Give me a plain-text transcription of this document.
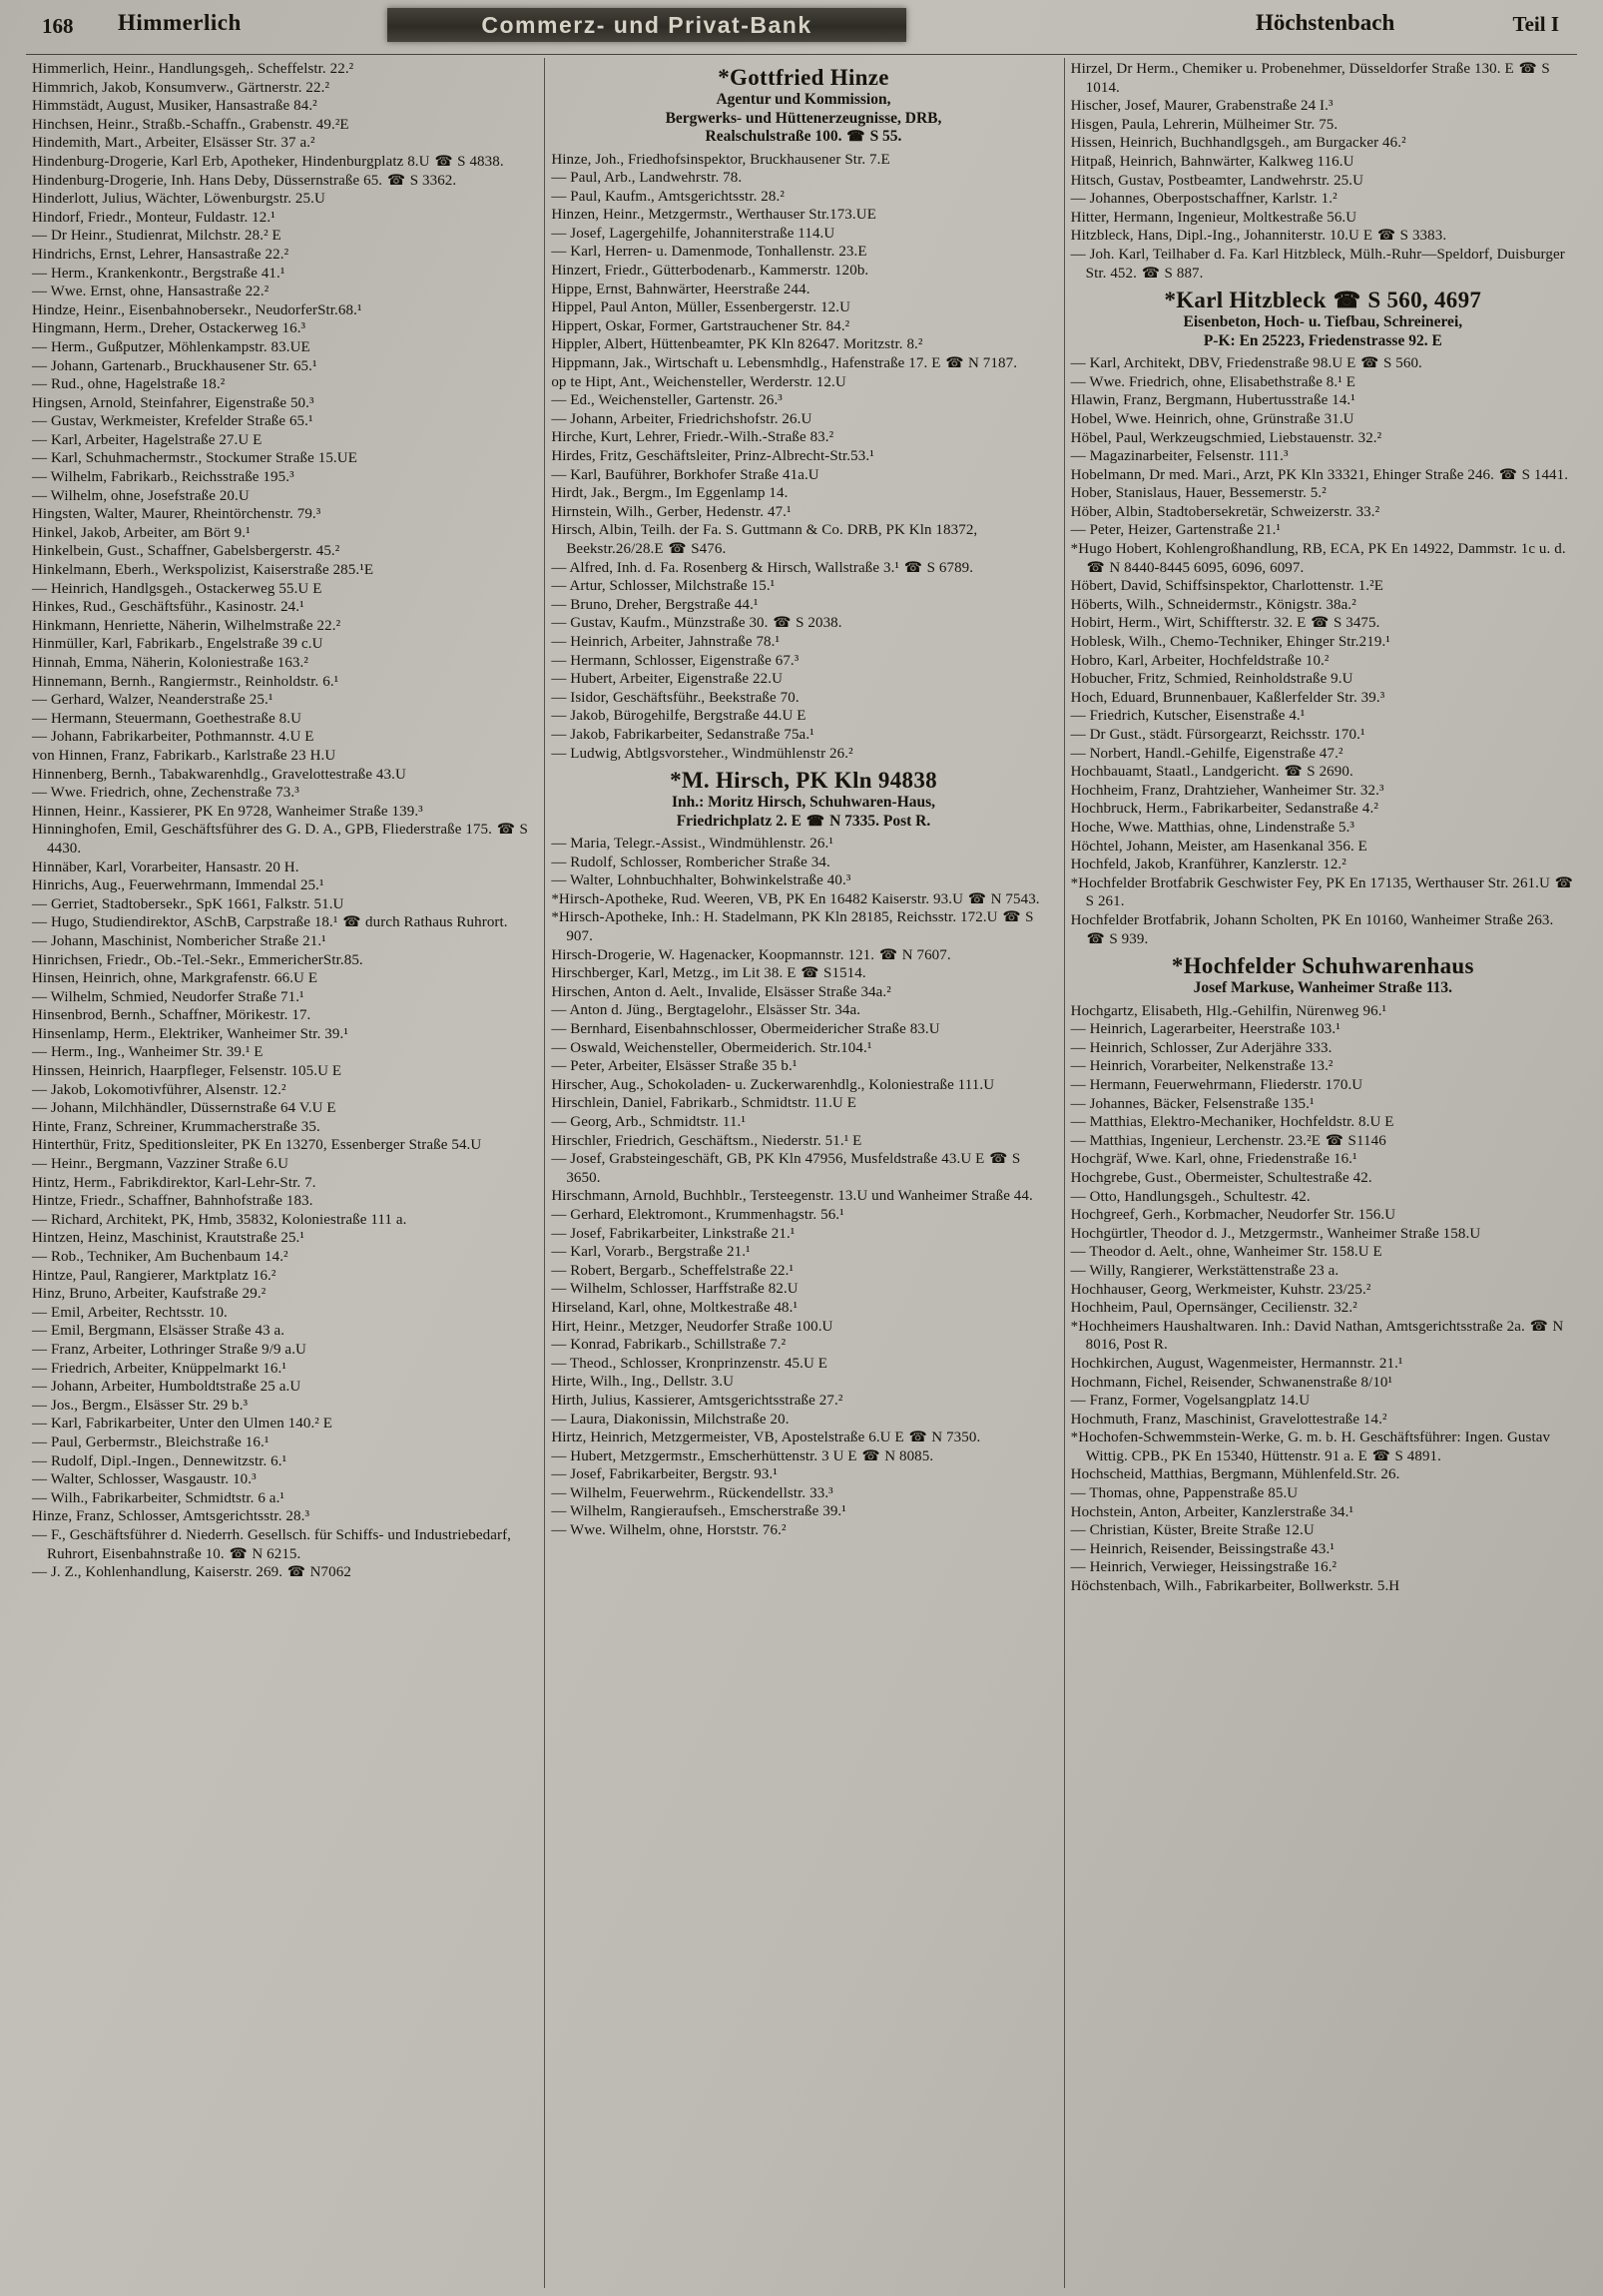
168 Himmerlich	Commerz- und Privat-Bank	Höchstenbach	Teil I
Himmerlich, Heinr., Handlungsgeh,. Scheffelstr. 22.²
Himmrich, Jakob, Konsumverw., Gärtnerstr. 22.²
Himmstädt, August, Musiker, Hansastraße 84.²
Hinchsen, Heinr., Straßb.-Schaffn., Grabenstr. 49.²E
Hindemith, Mart., Arbeiter, Elsässer Str. 37 a.²
Hindenburg-Drogerie, Karl Erb, Apotheker, Hindenburgplatz 8.U ☎ S 4838.
Hindenburg-Drogerie, Inh. Hans Deby, Düssernstraße 65. ☎ S 3362.
Hinderlott, Julius, Wächter, Löwenburgstr. 25.U
Hindorf, Friedr., Monteur, Fuldastr. 12.¹
— Dr Heinr., Studienrat, Milchstr. 28.² E
Hindrichs, Ernst, Lehrer, Hansastraße 22.²
— Herm., Krankenkontr., Bergstraße 41.¹
— Wwe. Ernst, ohne, Hansastraße 22.²
Hindze, Heinr., Eisenbahnobersekr., NeudorferStr.68.¹
Hingmann, Herm., Dreher, Ostackerweg 16.³
— Herm., Gußputzer, Möhlenkampstr. 83.UE
— Johann, Gartenarb., Bruckhausener Str. 65.¹
— Rud., ohne, Hagelstraße 18.²
Hingsen, Arnold, Steinfahrer, Eigenstraße 50.³
— Gustav, Werkmeister, Krefelder Straße 65.¹
— Karl, Arbeiter, Hagelstraße 27.U E
— Karl, Schuhmachermstr., Stockumer Straße 15.UE
— Wilhelm, Fabrikarb., Reichsstraße 195.³
— Wilhelm, ohne, Josefstraße 20.U
Hingsten, Walter, Maurer, Rheintörchenstr. 79.³
Hinkel, Jakob, Arbeiter, am Bört 9.¹
Hinkelbein, Gust., Schaffner, Gabelsbergerstr. 45.²
Hinkelmann, Eberh., Werkspolizist, Kaiserstraße 285.¹E
— Heinrich, Handlgsgeh., Ostackerweg 55.U E
Hinkes, Rud., Geschäftsführ., Kasinostr. 24.¹
Hinkmann, Henriette, Näherin, Wilhelmstraße 22.²
Hinmüller, Karl, Fabrikarb., Engelstraße 39 c.U
Hinnah, Emma, Näherin, Koloniestraße 163.²
Hinnemann, Bernh., Rangiermstr., Reinholdstr. 6.¹
— Gerhard, Walzer, Neanderstraße 25.¹
— Hermann, Steuermann, Goethestraße 8.U
— Johann, Fabrikarbeiter, Pothmannstr. 4.U E
von Hinnen, Franz, Fabrikarb., Karlstraße 23 H.U
Hinnenberg, Bernh., Tabakwarenhdlg., Gravelottestraße 43.U
— Wwe. Friedrich, ohne, Zechenstraße 73.³
Hinnen, Heinr., Kassierer, PK En 9728, Wanheimer Straße 139.³
Hinninghofen, Emil, Geschäftsführer des G. D. A., GPB, Fliederstraße 175. ☎ S 4430.
Hinnäber, Karl, Vorarbeiter, Hansastr. 20 H.
Hinrichs, Aug., Feuerwehrmann, Immendal 25.¹
— Gerriet, Stadtobersekr., SpK 1661, Falkstr. 51.U
— Hugo, Studiendirektor, ASchB, Carpstraße 18.¹ ☎ durch Rathaus Ruhrort.
— Johann, Maschinist, Nombericher Straße 21.¹
Hinrichsen, Friedr., Ob.-Tel.-Sekr., EmmericherStr.85.
Hinsen, Heinrich, ohne, Markgrafenstr. 66.U E
— Wilhelm, Schmied, Neudorfer Straße 71.¹
Hinsenbrod, Bernh., Schaffner, Mörikestr. 17.
Hinsenlamp, Herm., Elektriker, Wanheimer Str. 39.¹
— Herm., Ing., Wanheimer Str. 39.¹ E
Hinssen, Heinrich, Haarpfleger, Felsenstr. 105.U E
— Jakob, Lokomotivführer, Alsenstr. 12.²
— Johann, Milchhändler, Düssernstraße 64 V.U E
Hinte, Franz, Schreiner, Krummacherstraße 35.
Hinterthür, Fritz, Speditionsleiter, PK En 13270, Essenberger Straße 54.U
— Heinr., Bergmann, Vazziner Straße 6.U
Hintz, Herm., Fabrikdirektor, Karl-Lehr-Str. 7.
Hintze, Friedr., Schaffner, Bahnhofstraße 183.
— Richard, Architekt, PK, Hmb, 35832, Koloniestraße 111 a.
Hintzen, Heinz, Maschinist, Krautstraße 25.¹
— Rob., Techniker, Am Buchenbaum 14.²
Hintze, Paul, Rangierer, Marktplatz 16.²
Hinz, Bruno, Arbeiter, Kaufstraße 29.²
— Emil, Arbeiter, Rechtsstr. 10.
— Emil, Bergmann, Elsässer Straße 43 a.
— Franz, Arbeiter, Lothringer Straße 9/9 a.U
— Friedrich, Arbeiter, Knüppelmarkt 16.¹
— Johann, Arbeiter, Humboldtstraße 25 a.U
— Jos., Bergm., Elsässer Str. 29 b.³
— Karl, Fabrikarbeiter, Unter den Ulmen 140.² E
— Paul, Gerbermstr., Bleichstraße 16.¹
— Rudolf, Dipl.-Ingen., Dennewitzstr. 6.¹
— Walter, Schlosser, Wasgaustr. 10.³
— Wilh., Fabrikarbeiter, Schmidtstr. 6 a.¹
Hinze, Franz, Schlosser, Amtsgerichtsstr. 28.³
— F., Geschäftsführer d. Niederrh. Gesellsch. für Schiffs- und Industriebedarf, Ruhrort, Eisenbahnstraße 10. ☎ N 6215.
— J. Z., Kohlenhandlung, Kaiserstr. 269. ☎ N7062
*Gottfried Hinze
Agentur und Kommission,
Bergwerks- und Hüttenerzeugnisse, DRB,
Realschulstraße 100. ☎ S 55.
Hinze, Joh., Friedhofsinspektor, Bruckhausener Str. 7.E
— Paul, Arb., Landwehrstr. 78.
— Paul, Kaufm., Amtsgerichtsstr. 28.²
Hinzen, Heinr., Metzgermstr., Werthauser Str.173.UE
— Josef, Lagergehilfe, Johanniterstraße 114.U
— Karl, Herren- u. Damenmode, Tonhallenstr. 23.E
Hinzert, Friedr., Gütterbodenarb., Kammerstr. 120b.
Hippe, Ernst, Bahnwärter, Heerstraße 244.
Hippel, Paul Anton, Müller, Essenbergerstr. 12.U
Hippert, Oskar, Former, Gartstrauchener Str. 84.²
Hippler, Albert, Hüttenbeamter, PK Kln 82647. Moritzstr. 8.²
Hippmann, Jak., Wirtschaft u. Lebensmhdlg., Hafenstraße 17. E ☎ N 7187.
op te Hipt, Ant., Weichensteller, Werderstr. 12.U
— Ed., Weichensteller, Gartenstr. 26.³
— Johann, Arbeiter, Friedrichshofstr. 26.U
Hirche, Kurt, Lehrer, Friedr.-Wilh.-Straße 83.²
Hirdes, Fritz, Geschäftsleiter, Prinz-Albrecht-Str.53.¹
— Karl, Bauführer, Borkhofer Straße 41a.U
Hirdt, Jak., Bergm., Im Eggenlamp 14.
Hirnstein, Wilh., Gerber, Hedenstr. 47.¹
Hirsch, Albin, Teilh. der Fa. S. Guttmann & Co. DRB, PK Kln 18372, Beekstr.26/28.E ☎ S476.
— Alfred, Inh. d. Fa. Rosenberg & Hirsch, Wallstraße 3.¹ ☎ S 6789.
— Artur, Schlosser, Milchstraße 15.¹
— Bruno, Dreher, Bergstraße 44.¹
— Gustav, Kaufm., Münzstraße 30. ☎ S 2038.
— Heinrich, Arbeiter, Jahnstraße 78.¹
— Hermann, Schlosser, Eigenstraße 67.³
— Hubert, Arbeiter, Eigenstraße 22.U
— Isidor, Geschäftsführ., Beekstraße 70.
— Jakob, Bürogehilfe, Bergstraße 44.U E
— Jakob, Fabrikarbeiter, Sedanstraße 75a.¹
— Ludwig, Abtlgsvorsteher., Windmühlenstr 26.²
*M. Hirsch, PK Kln 94838
Inh.: Moritz Hirsch, Schuhwaren-Haus,
Friedrichplatz 2. E ☎ N 7335. Post R.
— Maria, Telegr.-Assist., Windmühlenstr. 26.¹
— Rudolf, Schlosser, Rombericher Straße 34.
— Walter, Lohnbuchhalter, Bohwinkelstraße 40.³
*Hirsch-Apotheke, Rud. Weeren, VB, PK En 16482 Kaiserstr. 93.U ☎ N 7543.
*Hirsch-Apotheke, Inh.: H. Stadelmann, PK Kln 28185, Reichsstr. 172.U ☎ S 907.
Hirsch-Drogerie, W. Hagenacker, Koopmannstr. 121. ☎ N 7607.
Hirschberger, Karl, Metzg., im Lit 38. E ☎ S1514.
Hirschen, Anton d. Aelt., Invalide, Elsässer Straße 34a.²
— Anton d. Jüng., Bergtagelohr., Elsässer Str. 34a.
— Bernhard, Eisenbahnschlosser, Obermeidericher Straße 83.U
— Oswald, Weichensteller, Obermeiderich. Str.104.¹
— Peter, Arbeiter, Elsässer Straße 35 b.¹
Hirscher, Aug., Schokoladen- u. Zuckerwarenhdlg., Koloniestraße 111.U
Hirschlein, Daniel, Fabrikarb., Schmidtstr. 11.U E
— Georg, Arb., Schmidtstr. 11.¹
Hirschler, Friedrich, Geschäftsm., Niederstr. 51.¹ E
— Josef, Grabsteingeschäft, GB, PK Kln 47956, Musfeldstraße 43.U E ☎ S 3650.
Hirschmann, Arnold, Buchhblr., Tersteegenstr. 13.U und Wanheimer Straße 44.
— Gerhard, Elektromont., Krummenhagstr. 56.¹
— Josef, Fabrikarbeiter, Linkstraße 21.¹
— Karl, Vorarb., Bergstraße 21.¹
— Robert, Bergarb., Scheffelstraße 22.¹
— Wilhelm, Schlosser, Harffstraße 82.U
Hirseland, Karl, ohne, Moltkestraße 48.¹
Hirt, Heinr., Metzger, Neudorfer Straße 100.U
— Konrad, Fabrikarb., Schillstraße 7.²
— Theod., Schlosser, Kronprinzenstr. 45.U E
Hirte, Wilh., Ing., Dellstr. 3.U
Hirth, Julius, Kassierer, Amtsgerichtsstraße 27.²
— Laura, Diakonissin, Milchstraße 20.
Hirtz, Heinrich, Metzgermeister, VB, Apostelstraße 6.U E ☎ N 7350.
— Hubert, Metzgermstr., Emscherhüttenstr. 3 U E ☎ N 8085.
— Josef, Fabrikarbeiter, Bergstr. 93.¹
— Wilhelm, Feuerwehrm., Rückendellstr. 33.³
— Wilhelm, Rangieraufseh., Emscherstraße 39.¹
— Wwe. Wilhelm, ohne, Horststr. 76.²
Hirzel, Dr Herm., Chemiker u. Probenehmer, Düsseldorfer Straße 130. E ☎ S 1014.
Hischer, Josef, Maurer, Grabenstraße 24 I.³
Hisgen, Paula, Lehrerin, Mülheimer Str. 75.
Hissen, Heinrich, Buchhandlgsgeh., am Burgacker 46.²
Hitpaß, Heinrich, Bahnwärter, Kalkweg 116.U
Hitsch, Gustav, Postbeamter, Landwehrstr. 25.U
— Johannes, Oberpostschaffner, Karlstr. 1.²
Hitter, Hermann, Ingenieur, Moltkestraße 56.U
Hitzbleck, Hans, Dipl.-Ing., Johanniterstr. 10.U E ☎ S 3383.
— Joh. Karl, Teilhaber d. Fa. Karl Hitzbleck, Mülh.-Ruhr—Speldorf, Duisburger Str. 452. ☎ S 887.
*Karl Hitzbleck ☎ S 560, 4697
Eisenbeton, Hoch- u. Tiefbau, Schreinerei,
P-K: En 25223, Friedenstrasse 92. E
— Karl, Architekt, DBV, Friedenstraße 98.U E ☎ S 560.
— Wwe. Friedrich, ohne, Elisabethstraße 8.¹ E
Hlawin, Franz, Bergmann, Hubertusstraße 14.¹
Hobel, Wwe. Heinrich, ohne, Grünstraße 31.U
Höbel, Paul, Werkzeugschmied, Liebstauenstr. 32.²
— Magazinarbeiter, Felsenstr. 111.³
Hobelmann, Dr med. Mari., Arzt, PK Kln 33321, Ehinger Straße 246. ☎ S 1441.
Hober, Stanislaus, Hauer, Bessemerstr. 5.²
Höber, Albin, Stadtobersekretär, Schweizerstr. 33.²
— Peter, Heizer, Gartenstraße 21.¹
*Hugo Hobert, Kohlengroßhandlung, RB, ECA, PK En 14922, Dammstr. 1c u. d. ☎ N 8440-8445 6095, 6096, 6097.
Höbert, David, Schiffsinspektor, Charlottenstr. 1.²E
Höberts, Wilh., Schneidermstr., Königstr. 38a.²
Hobirt, Herm., Wirt, Schiffterstr. 32. E ☎ S 3475.
Hoblesk, Wilh., Chemo-Techniker, Ehinger Str.219.¹
Hobro, Karl, Arbeiter, Hochfeldstraße 10.²
Hobucher, Fritz, Schmied, Reinholdstraße 9.U
Hoch, Eduard, Brunnenbauer, Kaßlerfelder Str. 39.³
— Friedrich, Kutscher, Eisenstraße 4.¹
— Dr Gust., städt. Fürsorgearzt, Reichsstr. 170.¹
— Norbert, Handl.-Gehilfe, Eigenstraße 47.²
Hochbauamt, Staatl., Landgericht. ☎ S 2690.
Hochheim, Franz, Drahtzieher, Wanheimer Str. 32.³
Hochbruck, Herm., Fabrikarbeiter, Sedanstraße 4.²
Hoche, Wwe. Matthias, ohne, Lindenstraße 5.³
Höchtel, Johann, Meister, am Hasenkanal 356. E
Hochfeld, Jakob, Kranführer, Kanzlerstr. 12.²
*Hochfelder Brotfabrik Geschwister Fey, PK En 17135, Werthauser Str. 261.U ☎ S 261.
Hochfelder Brotfabrik, Johann Scholten, PK En 10160, Wanheimer Straße 263. ☎ S 939.
*Hochfelder Schuhwarenhaus
Josef Markuse, Wanheimer Straße 113.
Hochgartz, Elisabeth, Hlg.-Gehilfin, Nürenweg 96.¹
— Heinrich, Lagerarbeiter, Heerstraße 103.¹
— Heinrich, Schlosser, Zur Aderjähre 333.
— Heinrich, Vorarbeiter, Nelkenstraße 13.²
— Hermann, Feuerwehrmann, Fliederstr. 170.U
— Johannes, Bäcker, Felsenstraße 135.¹
— Matthias, Elektro-Mechaniker, Hochfeldstr. 8.U E
— Matthias, Ingenieur, Lerchenstr. 23.²E ☎ S1146
Hochgräf, Wwe. Karl, ohne, Friedenstraße 16.¹
Hochgrebe, Gust., Obermeister, Schultestraße 42.
— Otto, Handlungsgeh., Schultestr. 42.
Hochgreef, Gerh., Korbmacher, Neudorfer Str. 156.U
Hochgürtler, Theodor d. J., Metzgermstr., Wanheimer Straße 158.U
— Theodor d. Aelt., ohne, Wanheimer Str. 158.U E
— Willy, Rangierer, Werkstättenstraße 23 a.
Hochhauser, Georg, Werkmeister, Kuhstr. 23/25.²
Hochheim, Paul, Opernsänger, Cecilienstr. 32.²
*Hochheimers Haushaltwaren. Inh.: David Nathan, Amtsgerichtsstraße 2a. ☎ N 8016, Post R.
Hochkirchen, August, Wagenmeister, Hermannstr. 21.¹
Hochmann, Fichel, Reisender, Schwanenstraße 8/10¹
— Franz, Former, Vogelsangplatz 14.U
Hochmuth, Franz, Maschinist, Gravelottestraße 14.²
*Hochofen-Schwemmstein-Werke, G. m. b. H. Geschäftsführer: Ingen. Gustav Wittig. CPB., PK En 15340, Hüttenstr. 91 a. E ☎ S 4891.
Hochscheid, Matthias, Bergmann, Mühlenfeld.Str. 26.
— Thomas, ohne, Pappenstraße 85.U
Hochstein, Anton, Arbeiter, Kanzlerstraße 34.¹
— Christian, Küster, Breite Straße 12.U
— Heinrich, Reisender, Beissingstraße 43.¹
— Heinrich, Verwieger, Heissingstraße 16.²
Höchstenbach, Wilh., Fabrikarbeiter, Bollwerkstr. 5.H
